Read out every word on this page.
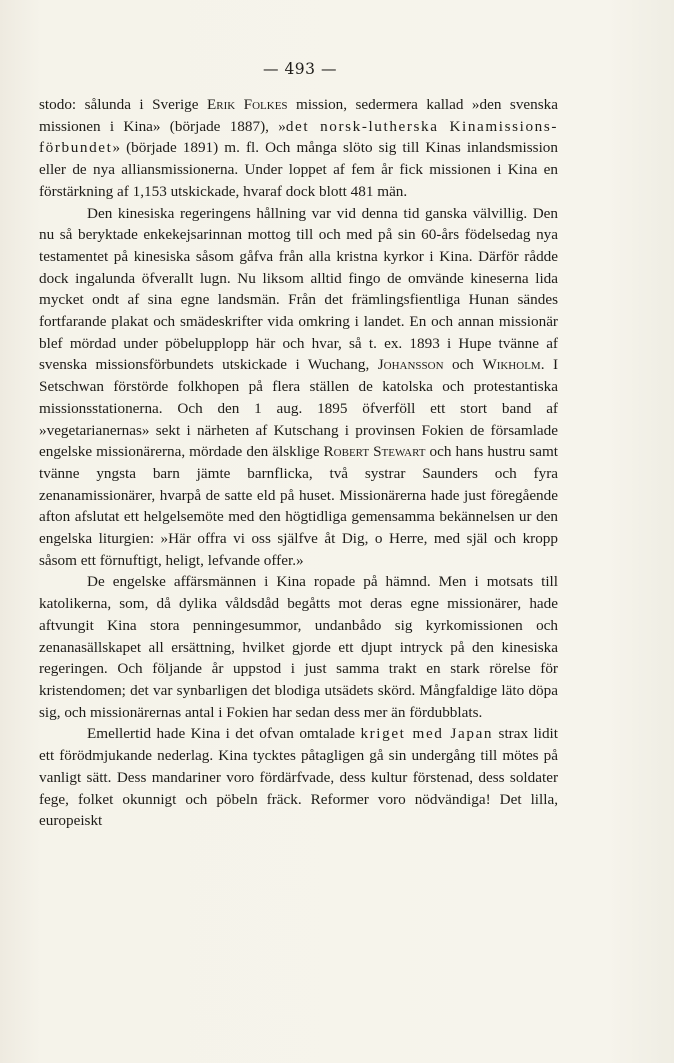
— 493 —

stodo: sålunda i Sverige Erik Folkes mission, sedermera kallad »den svenska missionen i Kina» (började 1887), »det norsk-lutherska Kinamissions-förbundet» (började 1891) m. fl. Och många slöto sig till Kinas inlandsmission eller de nya alliansmissionerna. Under loppet af fem år fick missionen i Kina en förstärkning af 1,153 utskickade, hvaraf dock blott 481 män.

Den kinesiska regeringens hållning var vid denna tid ganska välvillig. Den nu så beryktade enkekejsarinnan mottog till och med på sin 60-års födelsedag nya testamentet på kinesiska såsom gåfva från alla kristna kyrkor i Kina. Därför rådde dock ingalunda öfverallt lugn. Nu liksom alltid fingo de omvände kineserna lida mycket ondt af sina egne landsmän. Från det främlingsfientliga Hunan sändes fortfarande plakat och smädeskrifter vida omkring i landet. En och annan missionär blef mördad under pöbelupplopp här och hvar, så t. ex. 1893 i Hupe tvänne af svenska missionsförbundets utskickade i Wuchang, Johansson och Wikholm. I Setschwan förstörde folkhopen på flera ställen de katolska och protestantiska missionsstationerna. Och den 1 aug. 1895 öfverföll ett stort band af »vegetarianernas» sekt i närheten af Kutschang i provinsen Fokien de församlade engelske missionärerna, mördade den älsklige Robert Stewart och hans hustru samt tvänne yngsta barn jämte barnflicka, två systrar Saunders och fyra zenanamissionärer, hvarpå de satte eld på huset. Missionärerna hade just föregående afton afslutat ett helgelsemöte med den högtidliga gemensamma bekännelsen ur den engelska liturgien: »Här offra vi oss själfve åt Dig, o Herre, med själ och kropp såsom ett förnuftigt, heligt, lefvande offer.»

De engelske affärsmännen i Kina ropade på hämnd. Men i motsats till katolikerna, som, då dylika våldsdåd begåtts mot deras egne missionärer, hade aftvungit Kina stora penningesummor, undanbådo sig kyrkomissionen och zenanasällskapet all ersättning, hvilket gjorde ett djupt intryck på den kinesiska regeringen. Och följande år uppstod i just samma trakt en stark rörelse för kristendomen; det var synbarligen det blodiga utsädets skörd. Mångfaldige läto döpa sig, och missionärernas antal i Fokien har sedan dess mer än fördubblats.

Emellertid hade Kina i det ofvan omtalade kriget med Japan strax lidit ett förödmjukande nederlag. Kina tycktes påtagligen gå sin undergång till mötes på vanligt sätt. Dess mandariner voro fördärfvade, dess kultur förstenad, dess soldater fege, folket okunnigt och pöbeln fräck. Reformer voro nödvändiga! Det lilla, europeiskt
